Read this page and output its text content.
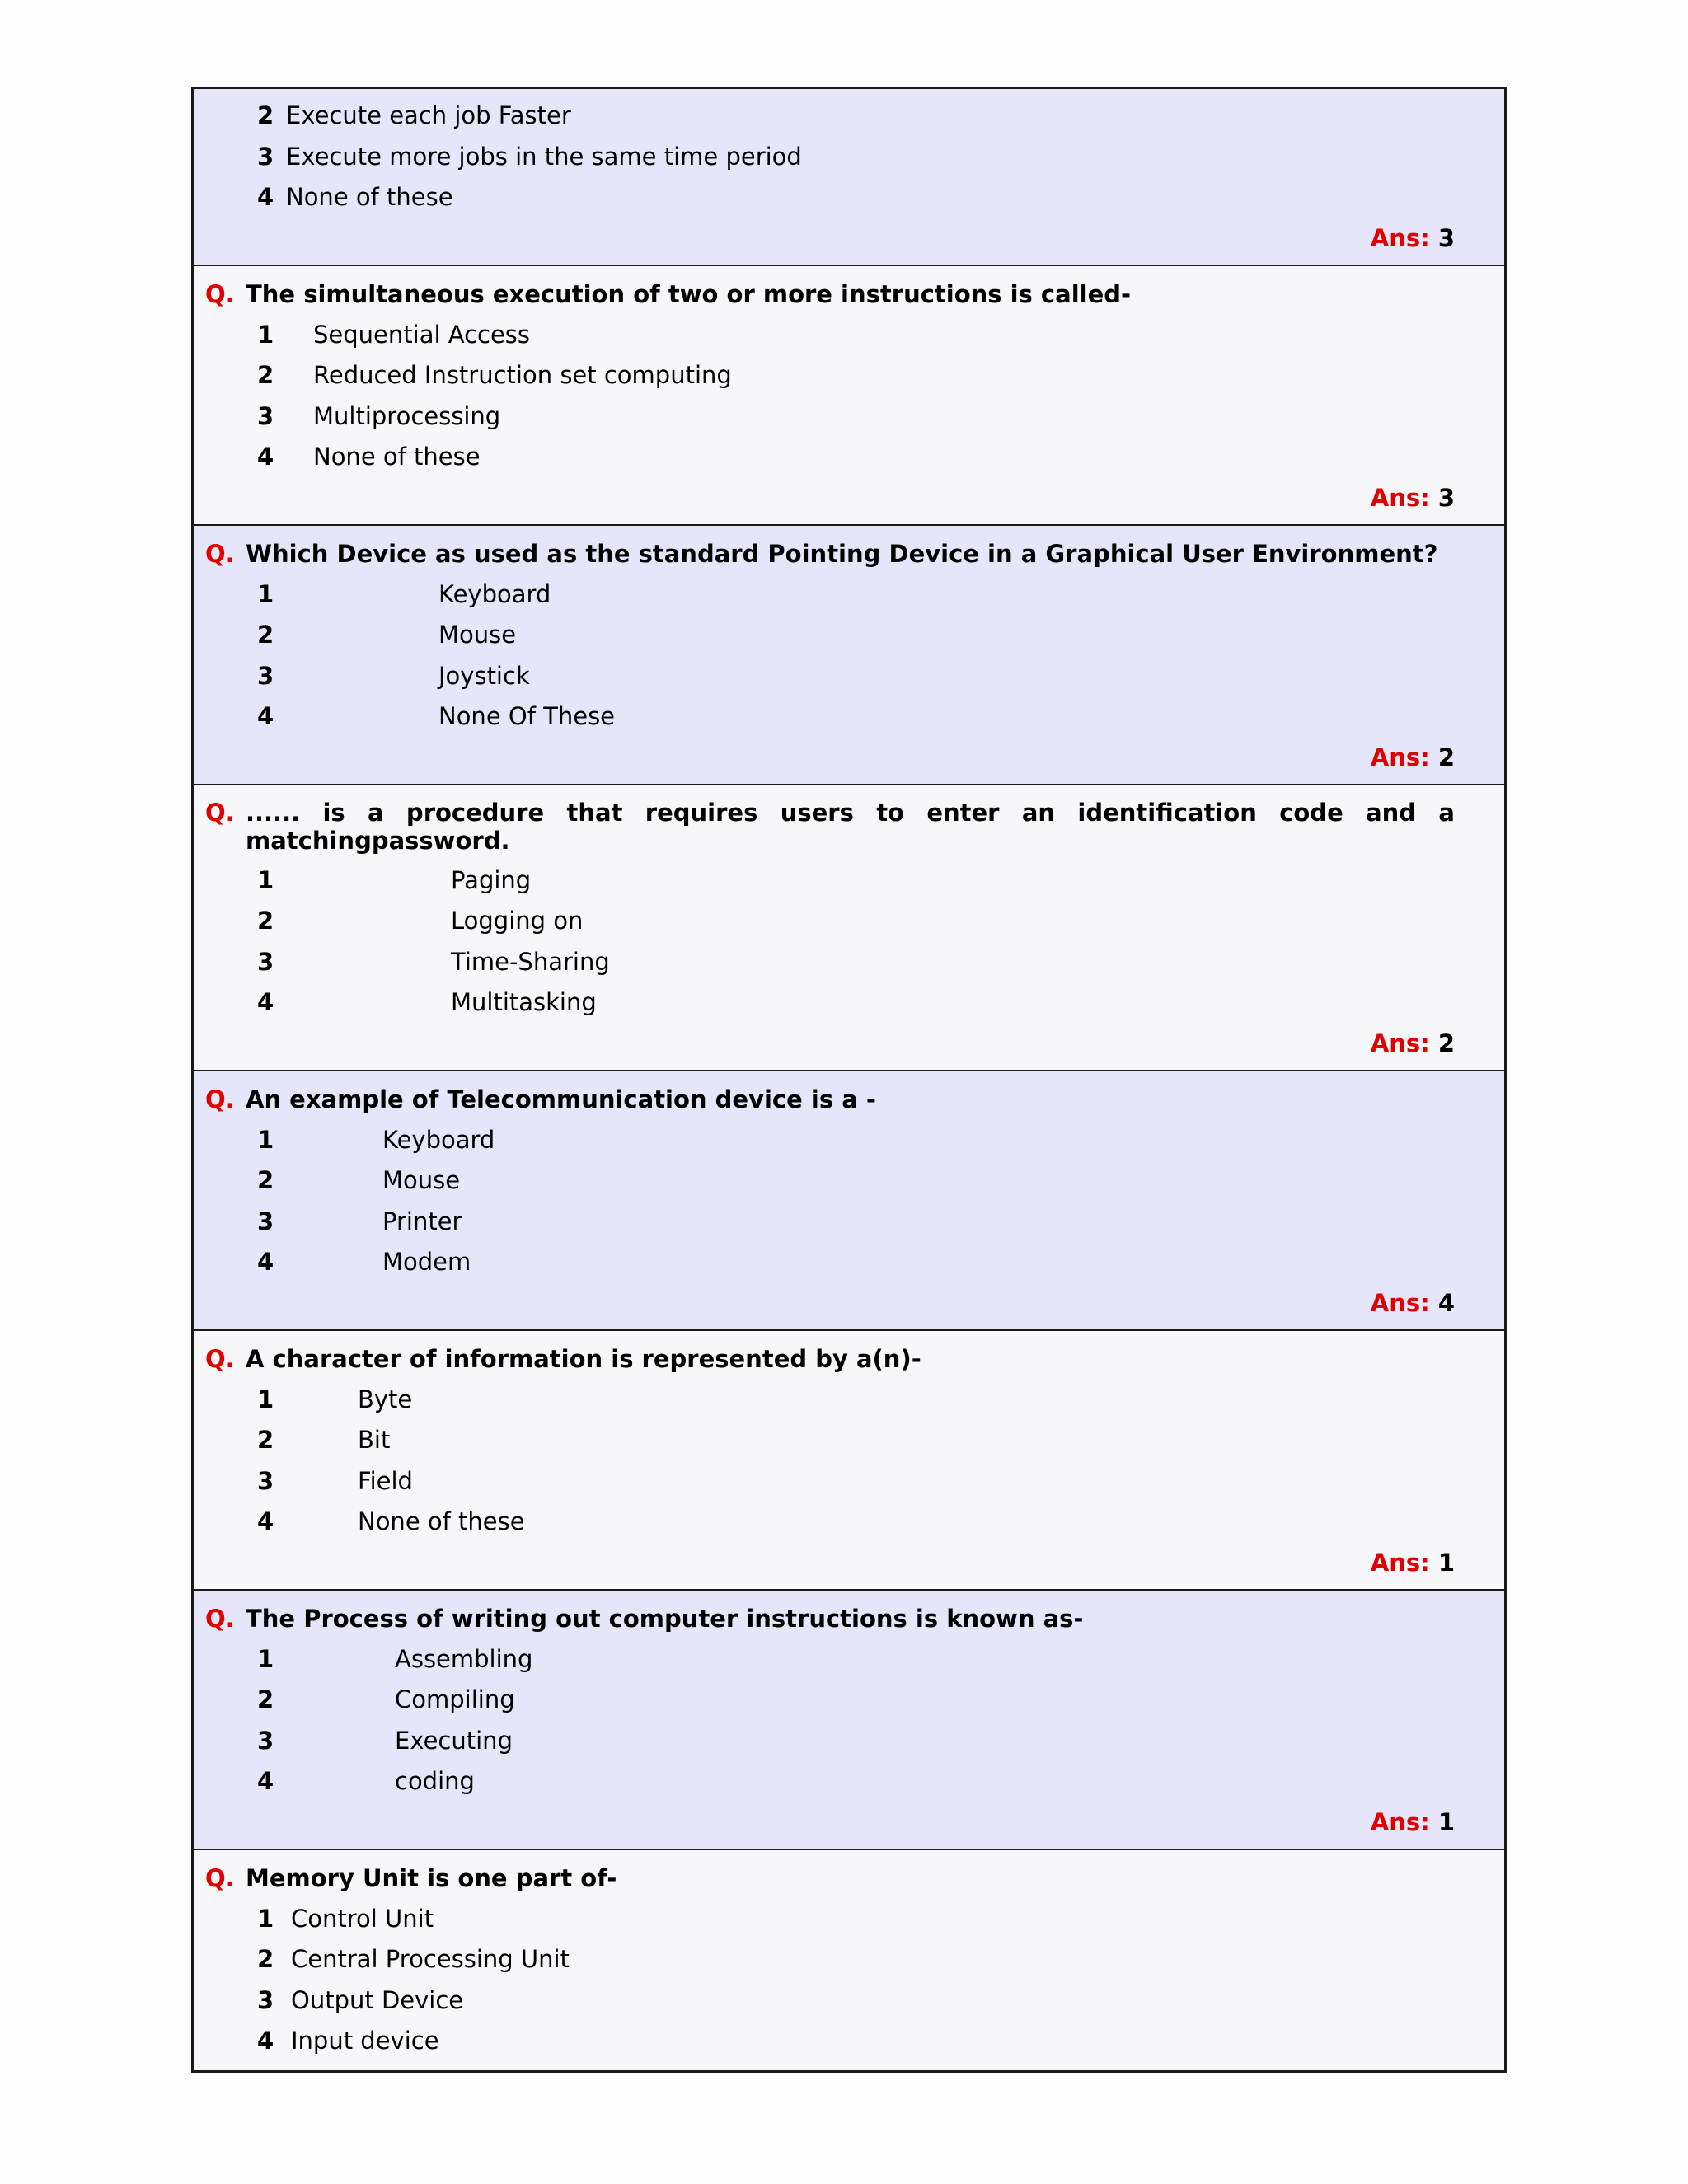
2 Execute each job Faster
3 Execute more jobs in the same time period
4 None of these
Ans: 3
Q. The simultaneous execution of two or more instructions is called-
1	Sequential Access
2	Reduced Instruction set computing
3	Multiprocessing
4	None of these
Ans: 3
Q. Which Device as used as the standard Pointing Device in a Graphical User Environment?
1	Keyboard
2	Mouse
3	Joystick
4	None Of These
Ans: 2
Q. ...... is a procedure that requires users to enter an identification code and a matchingpassword.
1	Paging
2	Logging on
3	Time-Sharing
4	Multitasking
Ans: 2
Q. An example of Telecommunication device is a -
1	Keyboard
2	Mouse
3	Printer
4	Modem
Ans: 4
Q. A character of information is represented by a(n)-
1	Byte
2	Bit
3	Field
4	None of these
Ans: 1
Q. The Process of writing out computer instructions is known as-
1	Assembling
2	Compiling
3	Executing
4	coding
Ans: 1
Q. Memory Unit is one part of-
1 Control Unit
2 Central Processing Unit
3 Output Device
4 Input device
